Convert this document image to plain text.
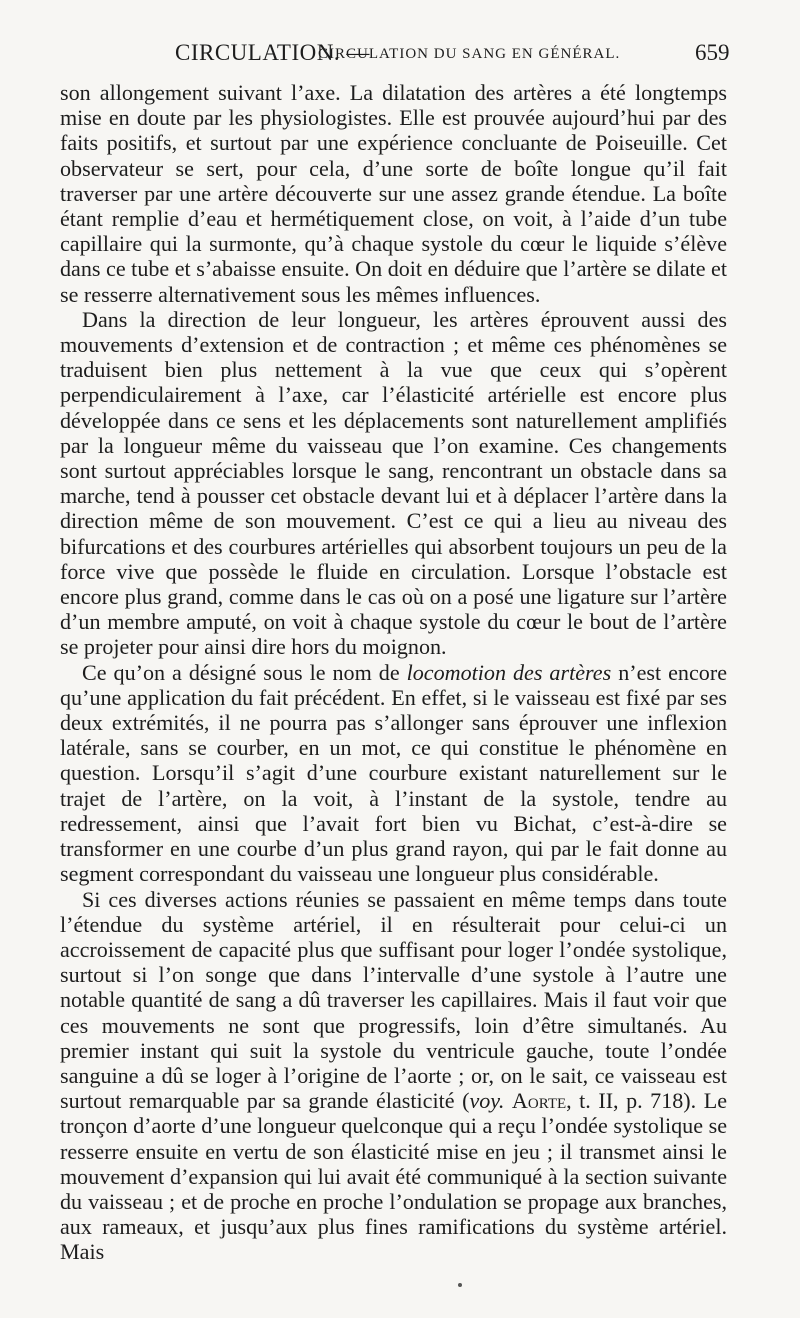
CIRCULATION. —
CIRCULATION DU SANG EN GÉNÉRAL.	659

son allongement suivant l’axe. La dilatation des artères a été longtemps mise en doute par les physiologistes. Elle est prouvée aujourd’hui par des faits positifs, et surtout par une expérience concluante de Poiseuille. Cet observateur se sert, pour cela, d’une sorte de boîte longue qu’il fait traverser par une artère découverte sur une assez grande étendue. La boîte étant remplie d’eau et hermétiquement close, on voit, à l’aide d’un tube capillaire qui la surmonte, qu’à chaque systole du cœur le liquide s’élève dans ce tube et s’abaisse ensuite. On doit en déduire que l’artère se dilate et se resserre alternativement sous les mêmes influences.

Dans la direction de leur longueur, les artères éprouvent aussi des mouvements d’extension et de contraction ; et même ces phénomènes se traduisent bien plus nettement à la vue que ceux qui s’opèrent perpendiculairement à l’axe, car l’élasticité artérielle est encore plus développée dans ce sens et les déplacements sont naturellement amplifiés par la longueur même du vaisseau que l’on examine. Ces changements sont surtout appréciables lorsque le sang, rencontrant un obstacle dans sa marche, tend à pousser cet obstacle devant lui et à déplacer l’artère dans la direction même de son mouvement. C’est ce qui a lieu au niveau des bifurcations et des courbures artérielles qui absorbent toujours un peu de la force vive que possède le fluide en circulation. Lorsque l’obstacle est encore plus grand, comme dans le cas où on a posé une ligature sur l’artère d’un membre amputé, on voit à chaque systole du cœur le bout de l’artère se projeter pour ainsi dire hors du moignon.

Ce qu’on a désigné sous le nom de locomotion des artères n’est encore qu’une application du fait précédent. En effet, si le vaisseau est fixé par ses deux extrémités, il ne pourra pas s’allonger sans éprouver une inflexion latérale, sans se courber, en un mot, ce qui constitue le phénomène en question. Lorsqu’il s’agit d’une courbure existant naturellement sur le trajet de l’artère, on la voit, à l’instant de la systole, tendre au redressement, ainsi que l’avait fort bien vu Bichat, c’est-à-dire se transformer en une courbe d’un plus grand rayon, qui par le fait donne au segment correspondant du vaisseau une longueur plus considérable.

Si ces diverses actions réunies se passaient en même temps dans toute l’étendue du système artériel, il en résulterait pour celui-ci un accroissement de capacité plus que suffisant pour loger l’ondée systolique, surtout si l’on songe que dans l’intervalle d’une systole à l’autre une notable quantité de sang a dû traverser les capillaires. Mais il faut voir que ces mouvements ne sont que progressifs, loin d’être simultanés. Au premier instant qui suit la systole du ventricule gauche, toute l’ondée sanguine a dû se loger à l’origine de l’aorte ; or, on le sait, ce vaisseau est surtout remarquable par sa grande élasticité (voy. Aorte, t. II, p. 718). Le tronçon d’aorte d’une longueur quelconque qui a reçu l’ondée systolique se resserre ensuite en vertu de son élasticité mise en jeu ; il transmet ainsi le mouvement d’expansion qui lui avait été communiqué à la section suivante du vaisseau ; et de proche en proche l’ondulation se propage aux branches, aux rameaux, et jusqu’aux plus fines ramifications du système artériel. Mais
